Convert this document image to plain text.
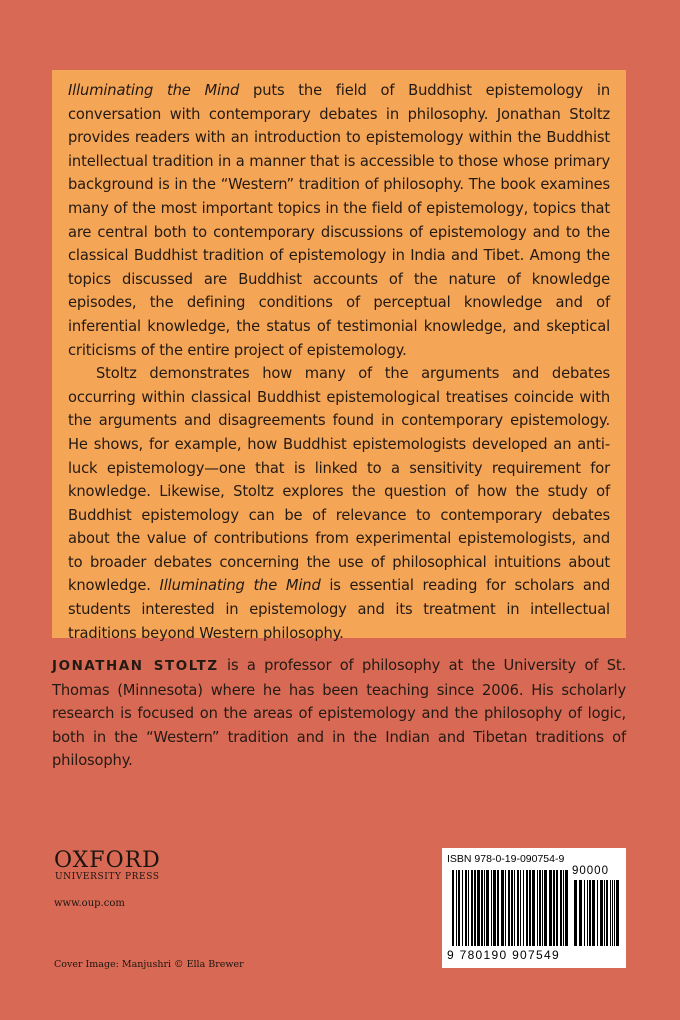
Illuminating the Mind puts the field of Buddhist epistemology in conversation with contemporary debates in philosophy. Jonathan Stoltz provides readers with an introduction to epistemology within the Buddhist intellectual tradition in a manner that is accessible to those whose primary background is in the “Western” tradition of philosophy. The book examines many of the most important topics in the field of epistemology, topics that are central both to contemporary discussions of epistemology and to the classical Buddhist tradition of epistemology in India and Tibet. Among the topics discussed are Buddhist accounts of the nature of knowledge episodes, the defining conditions of perceptual knowledge and of inferential knowledge, the status of testimonial knowledge, and skeptical criticisms of the entire project of epistemology.

Stoltz demonstrates how many of the arguments and debates occurring within classical Buddhist epistemological treatises coincide with the arguments and disagreements found in contemporary epistemology. He shows, for example, how Buddhist epistemologists developed an anti-luck epistemology—one that is linked to a sensitivity requirement for knowledge. Likewise, Stoltz explores the question of how the study of Buddhist epistemology can be of relevance to contemporary debates about the value of contributions from experimental epistemologists, and to broader debates concerning the use of philosophical intuitions about knowledge. Illuminating the Mind is essential reading for scholars and students interested in epistemology and its treatment in intellectual traditions beyond Western philosophy.

JONATHAN STOLTZ is a professor of philosophy at the University of St. Thomas (Minnesota) where he has been teaching since 2006. His scholarly research is focused on the areas of epistemology and the philosophy of logic, both in the “Western” tradition and in the Indian and Tibetan traditions of philosophy.

OXFORD
UNIVERSITY PRESS
www.oup.com
Cover Image: Manjushri © Ella Brewer
ISBN 978-0-19-090754-9
90000
9 780190 907549
